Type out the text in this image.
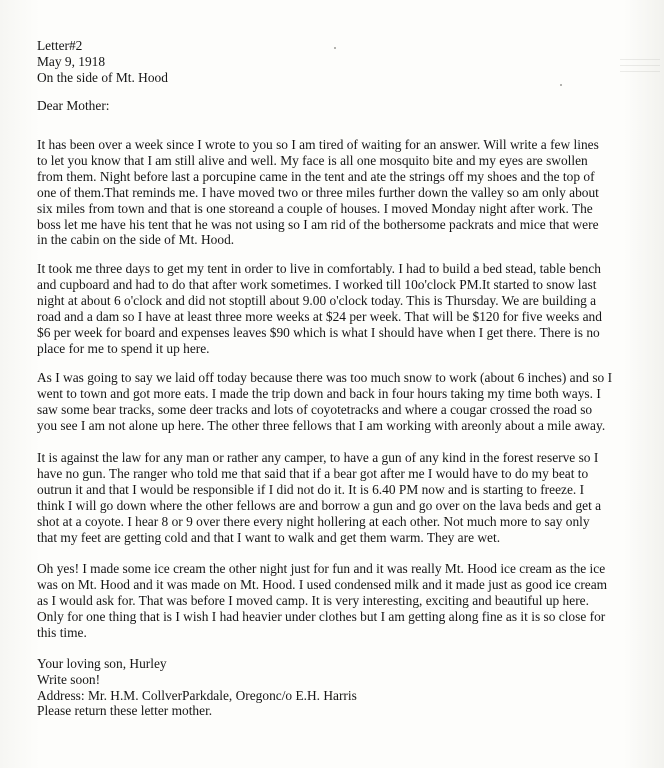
Letter#2
May 9, 1918
On the side of Mt. Hood
Dear Mother:
It has been over a week since I wrote to you so I am tired of waiting for an answer. Will write a few lines
to let you know that I am still alive and well. My face is all one mosquito bite and my eyes are swollen
from them. Night before last a porcupine came in the tent and ate the strings off my shoes and the top of
one of them.That reminds me. I have moved two or three miles further down the valley so am only about
six miles from town and that is one storeand a couple of houses. I moved Monday night after work. The
boss let me have his tent that he was not using so I am rid of the bothersome packrats and mice that were
in the cabin on the side of Mt. Hood.
It took me three days to get my tent in order to live in comfortably. I had to build a bed stead, table bench
and cupboard and had to do that after work sometimes. I worked till 10o'clock PM.It started to snow last
night at about 6 o'clock and did not stoptill about 9.00 o'clock today. This is Thursday. We are building a
road and a dam so I have at least three more weeks at $24 per week. That will be $120 for five weeks and
$6 per week for board and expenses leaves $90 which is what I should have when I get there. There is no
place for me to spend it up here.
As I was going to say we laid off today because there was too much snow to work (about 6 inches) and so I
went to town and got more eats. I made the trip down and back in four hours taking my time both ways. I
saw some bear tracks, some deer tracks and lots of coyotetracks and where a cougar crossed the road so
you see I am not alone up here. The other three fellows that I am working with areonly about a mile away.
It is against the law for any man or rather any camper, to have a gun of any kind in the forest reserve so I
have no gun. The ranger who told me that said that if a bear got after me I would have to do my beat to
outrun it and that I would be responsible if I did not do it. It is 6.40 PM now and is starting to freeze. I
think I will go down where the other fellows are and borrow a gun and go over on the lava beds and get a
shot at a coyote. I hear 8 or 9 over there every night hollering at each other. Not much more to say only
that my feet are getting cold and that I want to walk and get them warm. They are wet.
Oh yes! I made some ice cream the other night just for fun and it was really Mt. Hood ice cream as the ice
was on Mt. Hood and it was made on Mt. Hood. I used condensed milk and it made just as good ice cream
as I would ask for. That was before I moved camp. It is very interesting, exciting and beautiful up here.
Only for one thing that is I wish I had heavier under clothes but I am getting along fine as it is so close for
this time.
Your loving son, Hurley
Write soon!
Address: Mr. H.M. CollverParkdale, Oregonc/o E.H. Harris
Please return these letter mother.
